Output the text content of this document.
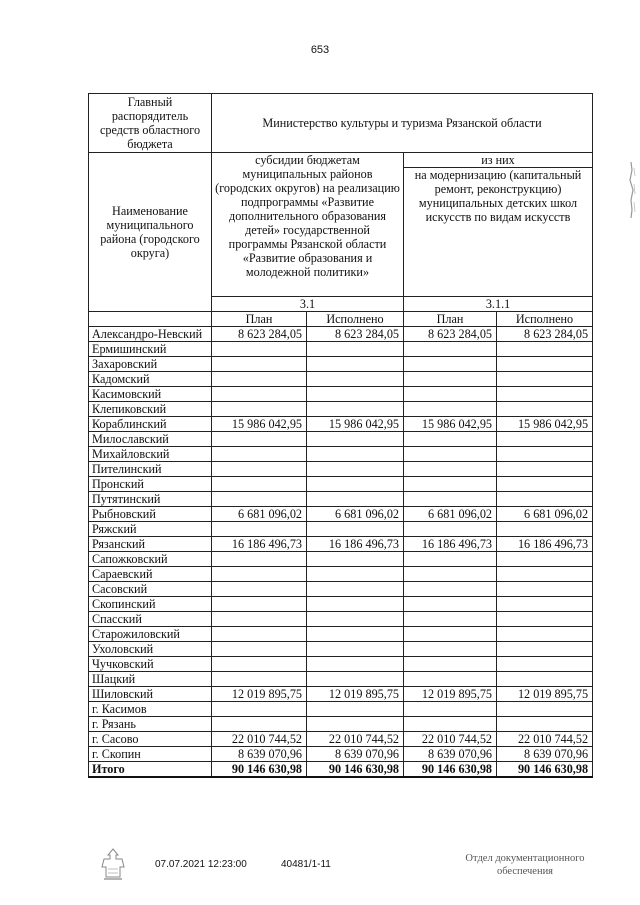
653
Главный распорядитель средств областного бюджета	Министерство культуры и туризма Рязанской области			
Наименование муниципального района (городского округа)	субсидии бюджетам муниципальных районов (городских округов) на реализацию подпрограммы «Развитие дополнительного образования детей» государственной программы Рязанской области «Развитие образования и молодежной политики»		из них	
			на модернизацию (капитальный ремонт, реконструкцию) муниципальных детских школ искусств по видам искусств	
	3.1		3.1.1	
	План	Исполнено	План	Исполнено
Александро-Невский	8 623 284,05	8 623 284,05	8 623 284,05	8 623 284,05
Ермишинский				
Захаровский				
Кадомский				
Касимовский				
Клепиковский				
Кораблинский	15 986 042,95	15 986 042,95	15 986 042,95	15 986 042,95
Милославский				
Михайловский				
Пителинский				
Пронский				
Путятинский				
Рыбновский	6 681 096,02	6 681 096,02	6 681 096,02	6 681 096,02
Ряжский				
Рязанский	16 186 496,73	16 186 496,73	16 186 496,73	16 186 496,73
Сапожковский				
Сараевский				
Сасовский				
Скопинский				
Спасский				
Старожиловский				
Ухоловский				
Чучковский				
Шацкий				
Шиловский	12 019 895,75	12 019 895,75	12 019 895,75	12 019 895,75
г. Касимов				
г. Рязань				
г. Сасово	22 010 744,52	22 010 744,52	22 010 744,52	22 010 744,52
г. Скопин	8 639 070,96	8 639 070,96	8 639 070,96	8 639 070,96
Итого	90 146 630,98	90 146 630,98	90 146 630,98	90 146 630,98
07.07.2021 12:23:00	40481/1-11
Отдел документационного обеспечения
